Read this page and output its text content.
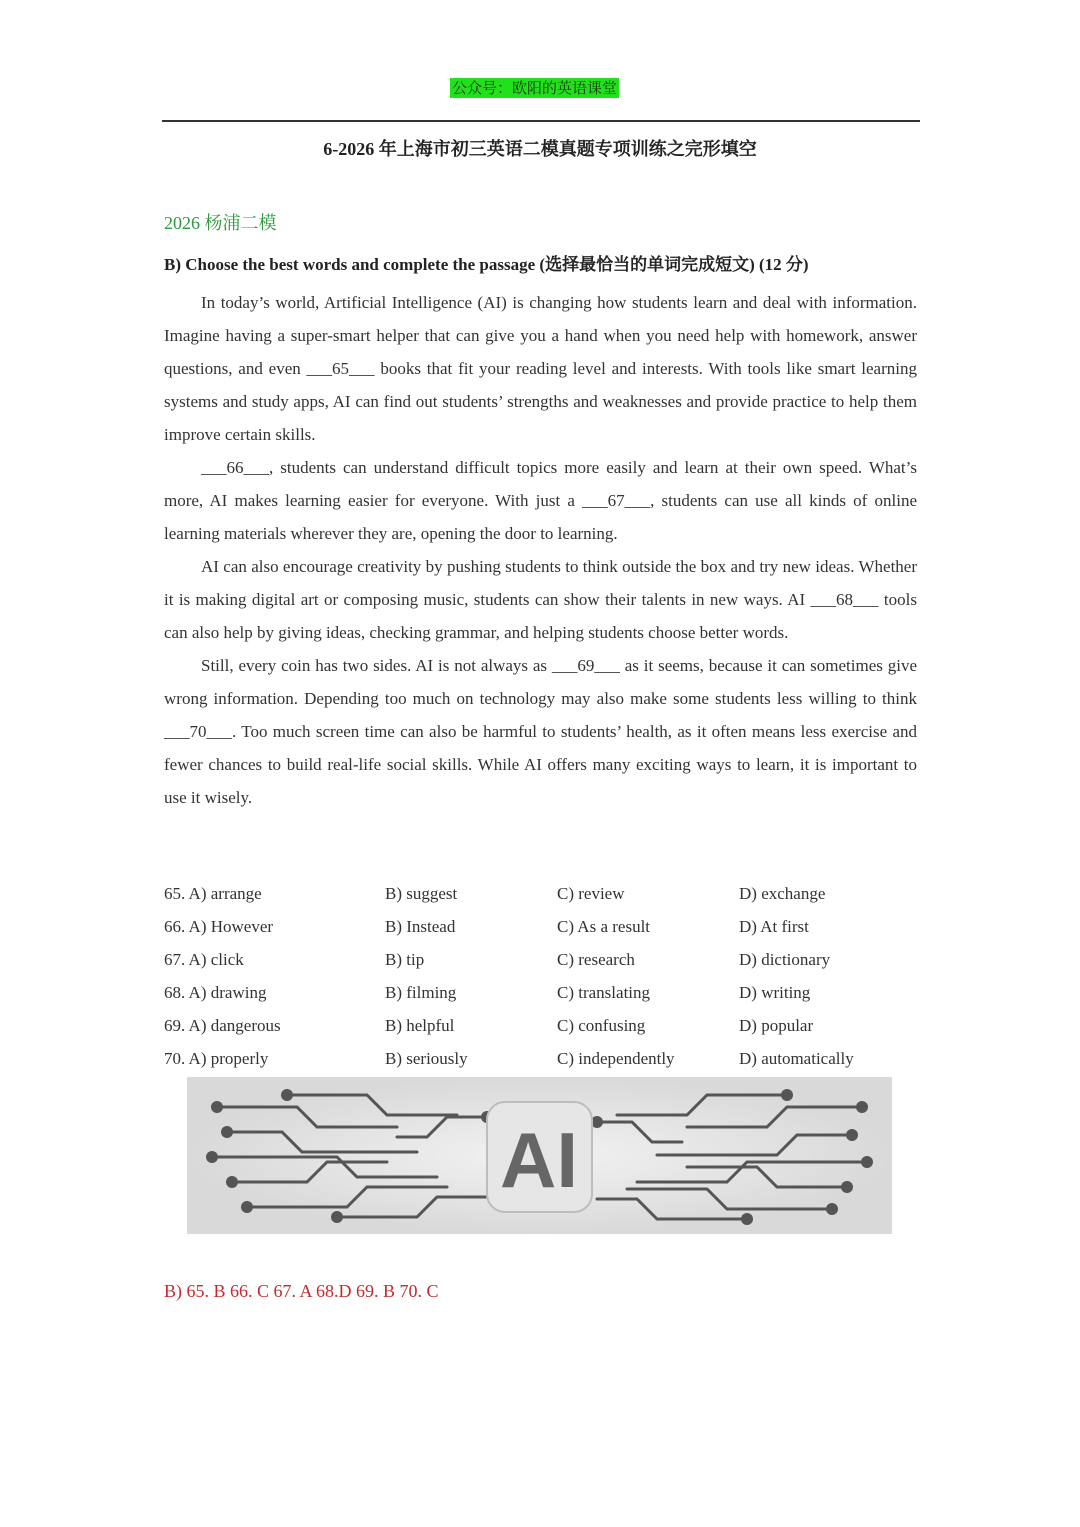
公众号：欧阳的英语课堂
6-2026 年上海市初三英语二模真题专项训练之完形填空
2026 杨浦二模
B) Choose the best words and complete the passage (选择最恰当的单词完成短文) (12 分)

In today’s world, Artificial Intelligence (AI) is changing how students learn and deal with information. Imagine having a super-smart helper that can give you a hand when you need help with homework, answer questions, and even ___65___ books that fit your reading level and interests. With tools like smart learning systems and study apps, AI can find out students’ strengths and weaknesses and provide practice to help them improve certain skills.

___66___, students can understand difficult topics more easily and learn at their own speed. What’s more, AI makes learning easier for everyone. With just a ___67___, students can use all kinds of online learning materials wherever they are, opening the door to learning.

AI can also encourage creativity by pushing students to think outside the box and try new ideas. Whether it is making digital art or composing music, students can show their talents in new ways. AI ___68___ tools can also help by giving ideas, checking grammar, and helping students choose better words.

Still, every coin has two sides. AI is not always as ___69___ as it seems, because it can sometimes give wrong information. Depending too much on technology may also make some students less willing to think ___70___. Too much screen time can also be harmful to students’ health, as it often means less exercise and fewer chances to build real-life social skills. While AI offers many exciting ways to learn, it is important to use it wisely.

65. A) arrange	B) suggest	C) review	D) exchange
66. A) However	B) Instead	C) As a result	D) At first
67. A) click	B) tip	C) research	D) dictionary
68. A) drawing	B) filming	C) translating	D) writing
69. A) dangerous	B) helpful	C) confusing	D) popular
70. A) properly	B) seriously	C) independently	D) automatically
AI
B) 65. B 66. C 67. A 68.D 69. B 70. C
